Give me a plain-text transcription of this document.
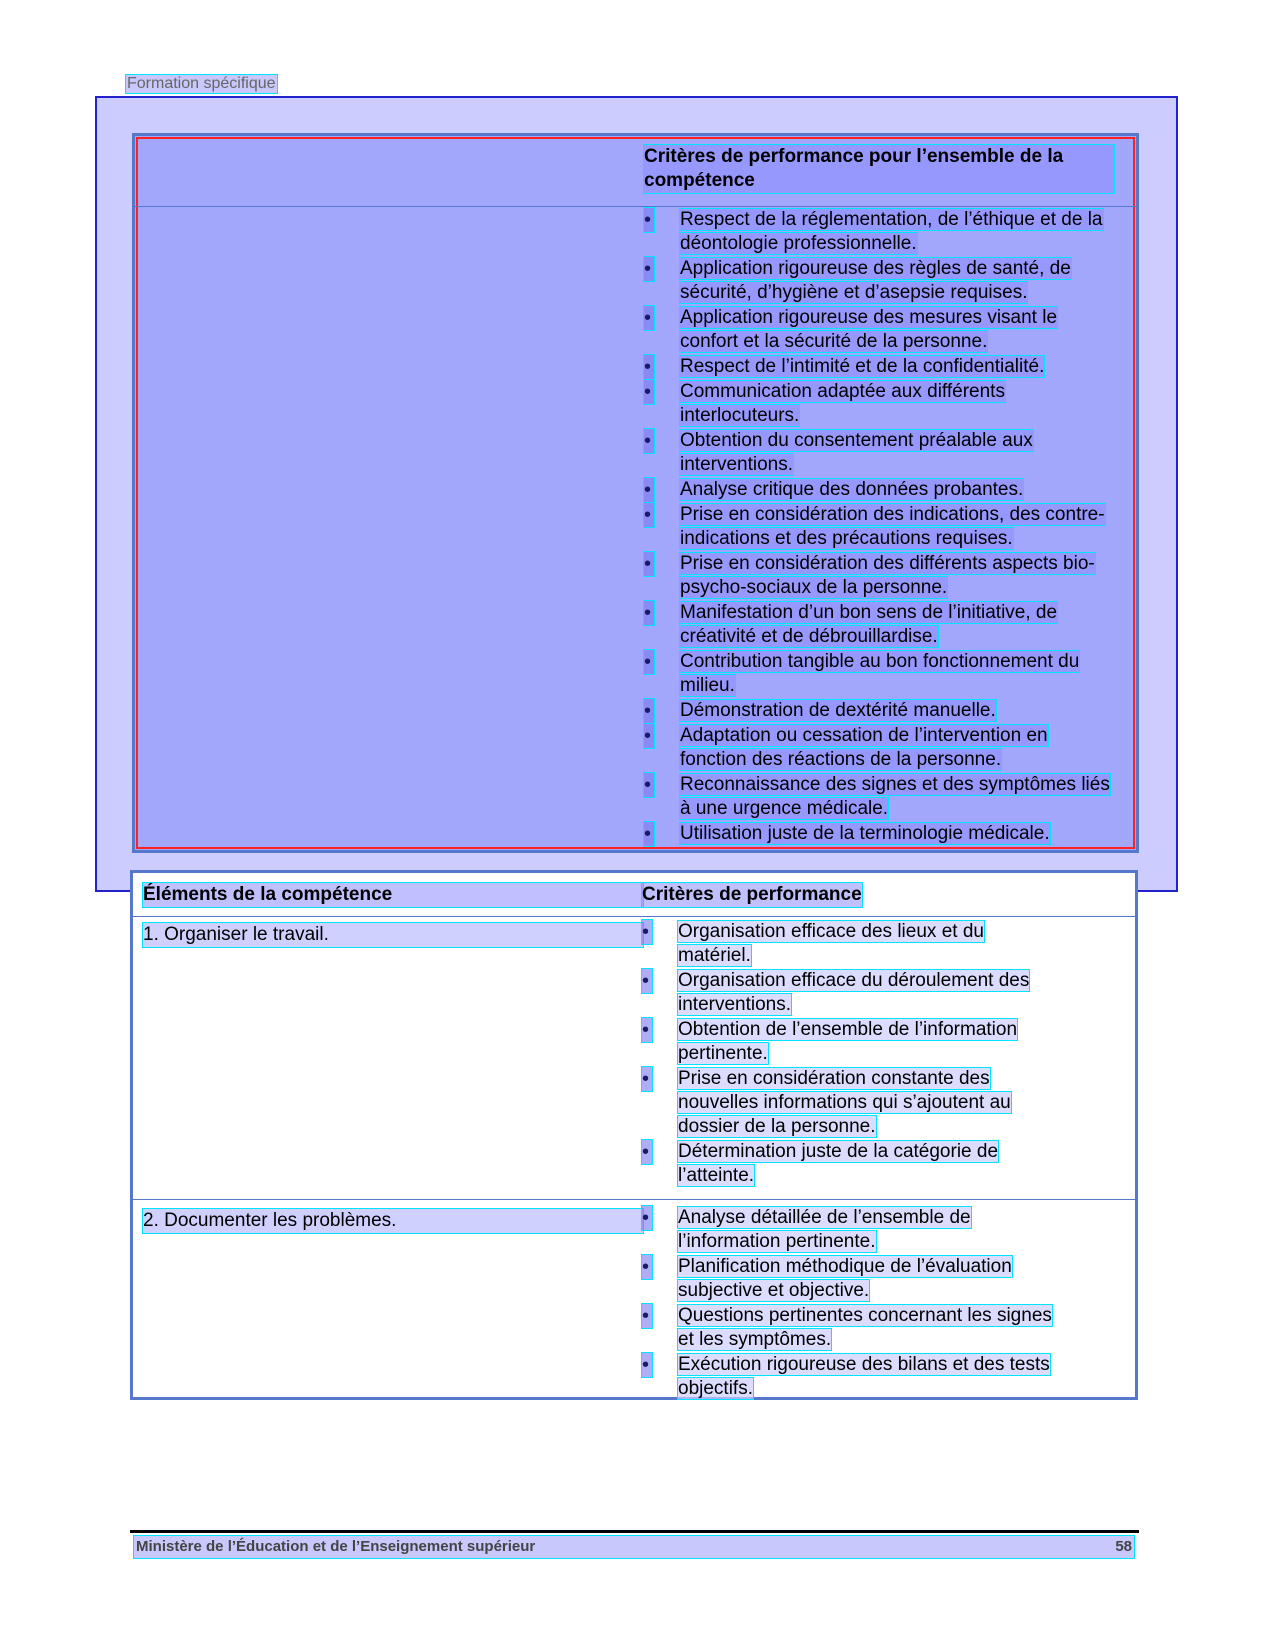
Formation spécifique
Critères de performance pour l’ensemble de la compétence
• Respect de la réglementation, de l’éthique et de la déontologie professionnelle.
• Application rigoureuse des règles de santé, de sécurité, d’hygiène et d’asepsie requises.
• Application rigoureuse des mesures visant le confort et la sécurité de la personne.
• Respect de l’intimité et de la confidentialité.
• Communication adaptée aux différents interlocuteurs.
• Obtention du consentement préalable aux interventions.
• Analyse critique des données probantes.
• Prise en considération des indications, des contre-indications et des précautions requises.
• Prise en considération des différents aspects bio-psycho-sociaux de la personne.
• Manifestation d’un bon sens de l’initiative, de créativité et de débrouillardise.
• Contribution tangible au bon fonctionnement du milieu.
• Démonstration de dextérité manuelle.
• Adaptation ou cessation de l’intervention en fonction des réactions de la personne.
• Reconnaissance des signes et des symptômes liés à une urgence médicale.
• Utilisation juste de la terminologie médicale.
Éléments de la compétence	Critères de performance
1. Organiser le travail.	• Organisation efficace des lieux et du matériel.
• Organisation efficace du déroulement des interventions.
• Obtention de l’ensemble de l’information pertinente.
• Prise en considération constante des nouvelles informations qui s’ajoutent au dossier de la personne.
• Détermination juste de la catégorie de l’atteinte.
2. Documenter les problèmes.	• Analyse détaillée de l’ensemble de l’information pertinente.
• Planification méthodique de l’évaluation subjective et objective.
• Questions pertinentes concernant les signes et les symptômes.
• Exécution rigoureuse des bilans et des tests objectifs.
Ministère de l’Éducation et de l’Enseignement supérieur	58
